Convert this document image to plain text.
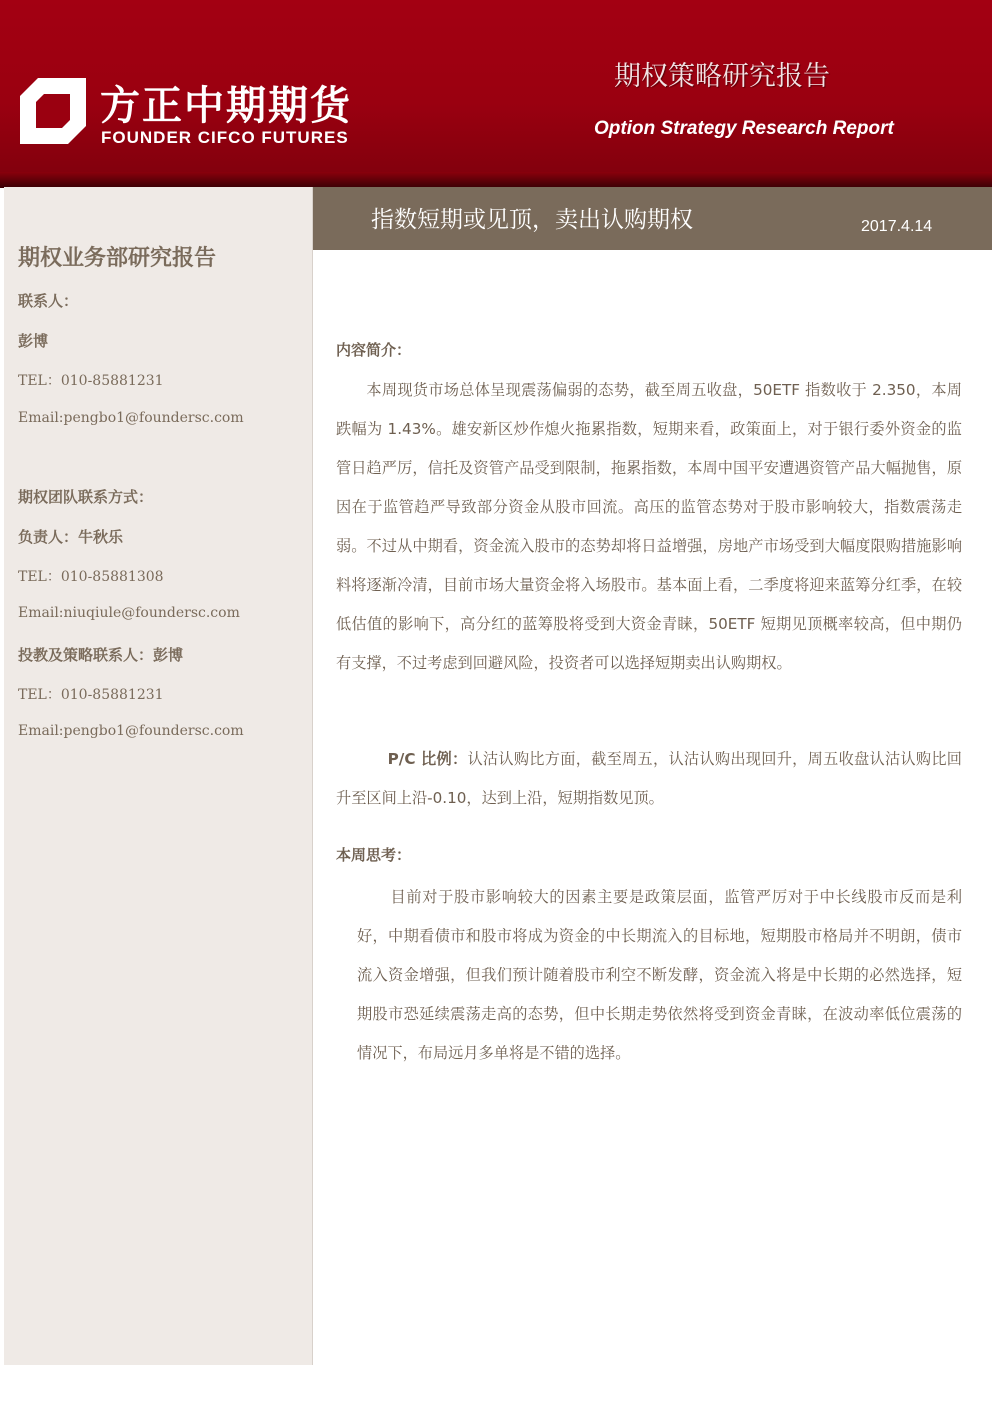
方正中期期货
FOUNDER CIFCO FUTURES
期权策略研究报告
Option Strategy Research Report
指数短期或见顶，卖出认购期权	2017.4.14
期权业务部研究报告
联系人：
彭博
TEL：010-85881231
Email:pengbo1@foundersc.com
期权团队联系方式：
负责人：牛秋乐
TEL：010-85881308
Email:niuqiule@foundersc.com
投教及策略联系人：彭博
TEL：010-85881231
Email:pengbo1@foundersc.com
内容简介：
本周现货市场总体呈现震荡偏弱的态势，截至周五收盘，50ETF 指数收于 2.350，本周跌幅为 1.43%。雄安新区炒作熄火拖累指数，短期来看，政策面上，对于银行委外资金的监管日趋严厉，信托及资管产品受到限制，拖累指数，本周中国平安遭遇资管产品大幅抛售，原因在于监管趋严导致部分资金从股市回流。高压的监管态势对于股市影响较大，指数震荡走弱。不过从中期看，资金流入股市的态势却将日益增强，房地产市场受到大幅度限购措施影响料将逐渐冷清，目前市场大量资金将入场股市。基本面上看，二季度将迎来蓝筹分红季，在较低估值的影响下，高分红的蓝筹股将受到大资金青睐，50ETF 短期见顶概率较高，但中期仍有支撑，不过考虑到回避风险，投资者可以选择短期卖出认购期权。
P/C 比例：认沽认购比方面，截至周五，认沽认购出现回升，周五收盘认沽认购比回升至区间上沿-0.10，达到上沿，短期指数见顶。
本周思考：
目前对于股市影响较大的因素主要是政策层面，监管严厉对于中长线股市反而是利好，中期看债市和股市将成为资金的中长期流入的目标地，短期股市格局并不明朗，债市流入资金增强，但我们预计随着股市利空不断发酵，资金流入将是中长期的必然选择，短期股市恐延续震荡走高的态势，但中长期走势依然将受到资金青睐，在波动率低位震荡的情况下，布局远月多单将是不错的选择。
